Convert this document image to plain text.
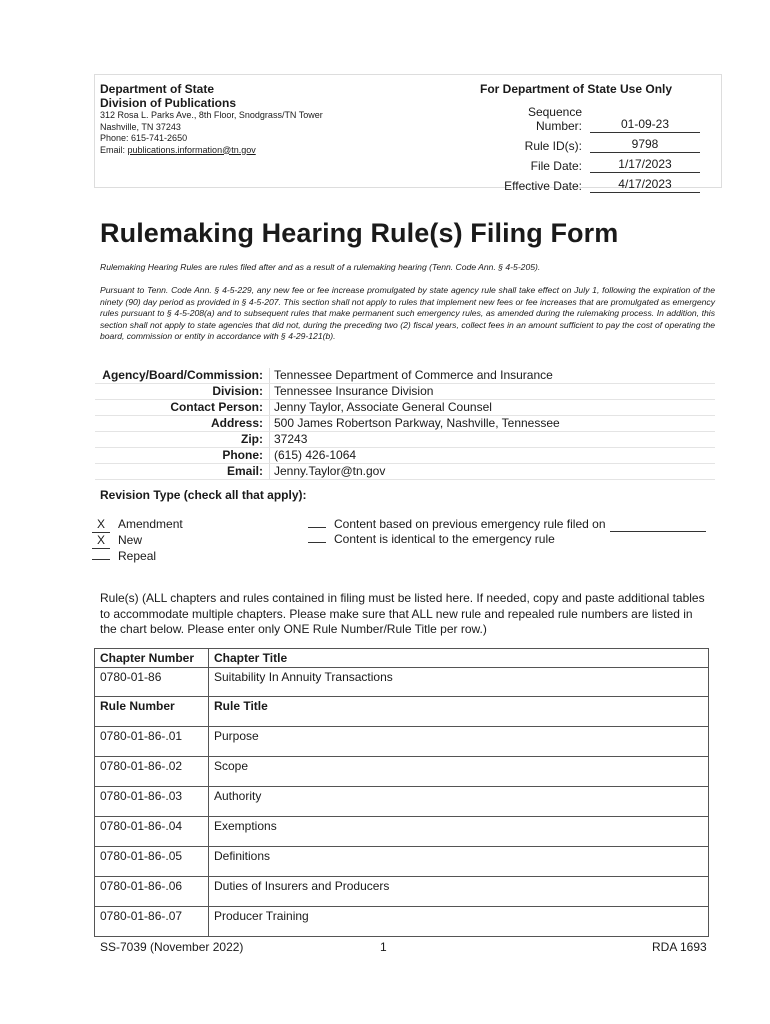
Department of State
Division of Publications
312 Rosa L. Parks Ave., 8th Floor, Snodgrass/TN Tower
Nashville, TN 37243
Phone: 615-741-2650
Email: publications.information@tn.gov
For Department of State Use Only
Sequence Number:	01-09-23
Rule ID(s):	9798
File Date:	1/17/2023
Effective Date:	4/17/2023
Rulemaking Hearing Rule(s) Filing Form
Rulemaking Hearing Rules are rules filed after and as a result of a rulemaking hearing (Tenn. Code Ann. § 4-5-205).
Pursuant to Tenn. Code Ann. § 4-5-229, any new fee or fee increase promulgated by state agency rule shall take effect on July 1, following the expiration of the ninety (90) day period as provided in § 4-5-207. This section shall not apply to rules that implement new fees or fee increases that are promulgated as emergency rules pursuant to § 4-5-208(a) and to subsequent rules that make permanent such emergency rules, as amended during the rulemaking process. In addition, this section shall not apply to state agencies that did not, during the preceding two (2) fiscal years, collect fees in an amount sufficient to pay the cost of operating the board, commission or entity in accordance with § 4-29-121(b).
Agency/Board/Commission:	Tennessee Department of Commerce and Insurance
Division:	Tennessee Insurance Division
Contact Person:	Jenny Taylor, Associate General Counsel
Address:	500 James Robertson Parkway, Nashville, Tennessee
Zip:	37243
Phone:	(615) 426-1064
Email:	Jenny.Taylor@tn.gov
Revision Type (check all that apply):
X Amendment
X New
Repeal
Content based on previous emergency rule filed on
Content is identical to the emergency rule
Rule(s) (ALL chapters and rules contained in filing must be listed here. If needed, copy and paste additional tables to accommodate multiple chapters. Please make sure that ALL new rule and repealed rule numbers are listed in the chart below. Please enter only ONE Rule Number/Rule Title per row.)
Chapter Number	Chapter Title
0780-01-86	Suitability In Annuity Transactions
Rule Number	Rule Title
0780-01-86-.01	Purpose
0780-01-86-.02	Scope
0780-01-86-.03	Authority
0780-01-86-.04	Exemptions
0780-01-86-.05	Definitions
0780-01-86-.06	Duties of Insurers and Producers
0780-01-86-.07	Producer Training
SS-7039 (November 2022)	1	RDA 1693
